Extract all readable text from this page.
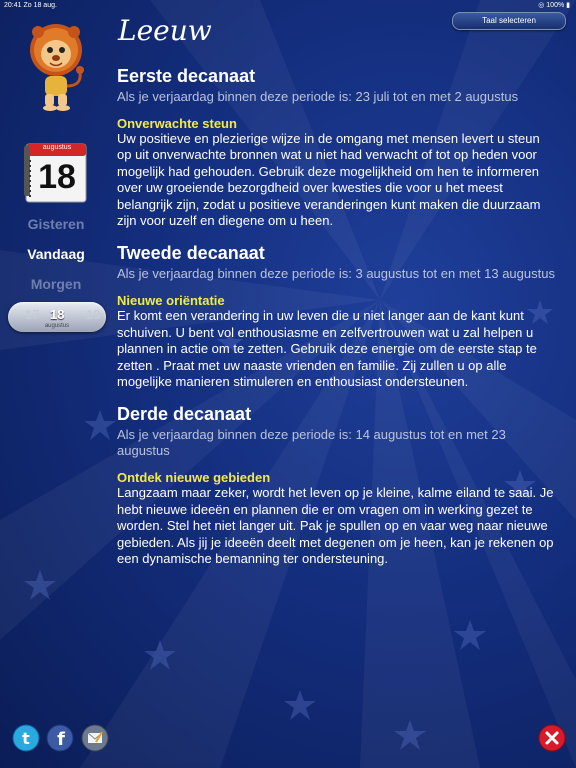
20:41 Zo 18 aug.	◎ 100% ▮
Taal selecteren
Leeuw
augustus
18
Gisteren
Vandaag
Morgen
17 18 19
augustus
Eerste decanaat

Als je verjaardag binnen deze periode is: 23 juli tot en met 2 augustus

Onverwachte steun

Uw positieve en plezierige wijze in de omgang met mensen levert u steun op uit onverwachte bronnen wat u niet had verwacht of tot op heden voor mogelijk had gehouden. Gebruik deze mogelijkheid om hen te informeren over uw groeiende bezorgdheid over kwesties die voor u het meest belangrijk zijn, zodat u positieve veranderingen kunt maken die duurzaam zijn voor uzelf en diegene om u heen.

Tweede decanaat

Als je verjaardag binnen deze periode is: 3 augustus tot en met 13 augustus

Nieuwe oriëntatie

Er komt een verandering in uw leven die u niet langer aan de kant kunt schuiven. U bent vol enthousiasme en zelfvertrouwen wat u zal helpen u plannen in actie om te zetten. Gebruik deze energie om de eerste stap te zetten . Praat met uw naaste vrienden en familie. Zij zullen u op alle mogelijke manieren stimuleren en enthousiast ondersteunen.

Derde decanaat

Als je verjaardag binnen deze periode is: 14 augustus tot en met 23 augustus

Ontdek nieuwe gebieden

Langzaam maar zeker, wordt het leven op je kleine, kalme eiland te saai. Je hebt nieuwe ideeën en plannen die er om vragen om in werking gezet te worden. Stel het niet langer uit. Pak je spullen op en vaar weg naar nieuwe gebieden. Als jij je ideeën deelt met degenen om je heen, kan je rekenen op een dynamische bemanning ter ondersteuning.

t f
